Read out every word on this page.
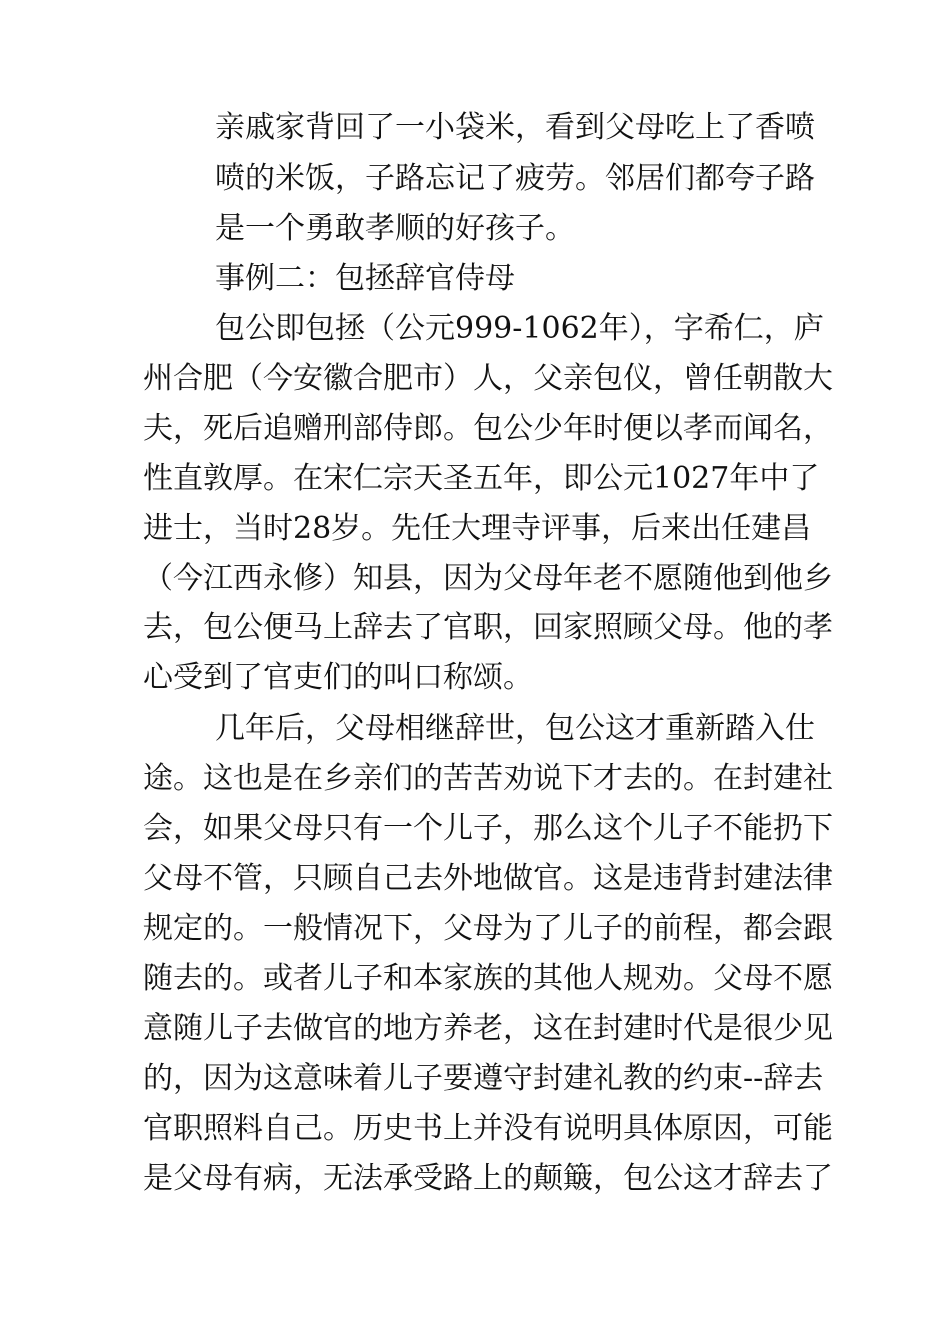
亲戚家背回了一小袋米，看到父母吃上了香喷
喷的米饭，子路忘记了疲劳。邻居们都夸子路
是一个勇敢孝顺的好孩子。
事例二：包拯辞官侍母
包公即包拯（公元999-1062年），字希仁，庐
州合肥（今安徽合肥市）人，父亲包仪，曾任朝散大
夫，死后追赠刑部侍郎。包公少年时便以孝而闻名，
性直敦厚。在宋仁宗天圣五年，即公元1027年中了
进士，当时28岁。先任大理寺评事，后来出任建昌
（今江西永修）知县，因为父母年老不愿随他到他乡
去，包公便马上辞去了官职，回家照顾父母。他的孝
心受到了官吏们的叫口称颂。
几年后，父母相继辞世，包公这才重新踏入仕
途。这也是在乡亲们的苦苦劝说下才去的。在封建社
会，如果父母只有一个儿子，那么这个儿子不能扔下
父母不管，只顾自己去外地做官。这是违背封建法律
规定的。一般情况下，父母为了儿子的前程，都会跟
随去的。或者儿子和本家族的其他人规劝。父母不愿
意随儿子去做官的地方养老，这在封建时代是很少见
的，因为这意味着儿子要遵守封建礼教的约束--辞去
官职照料自己。历史书上并没有说明具体原因，可能
是父母有病，无法承受路上的颠簸，包公这才辞去了
